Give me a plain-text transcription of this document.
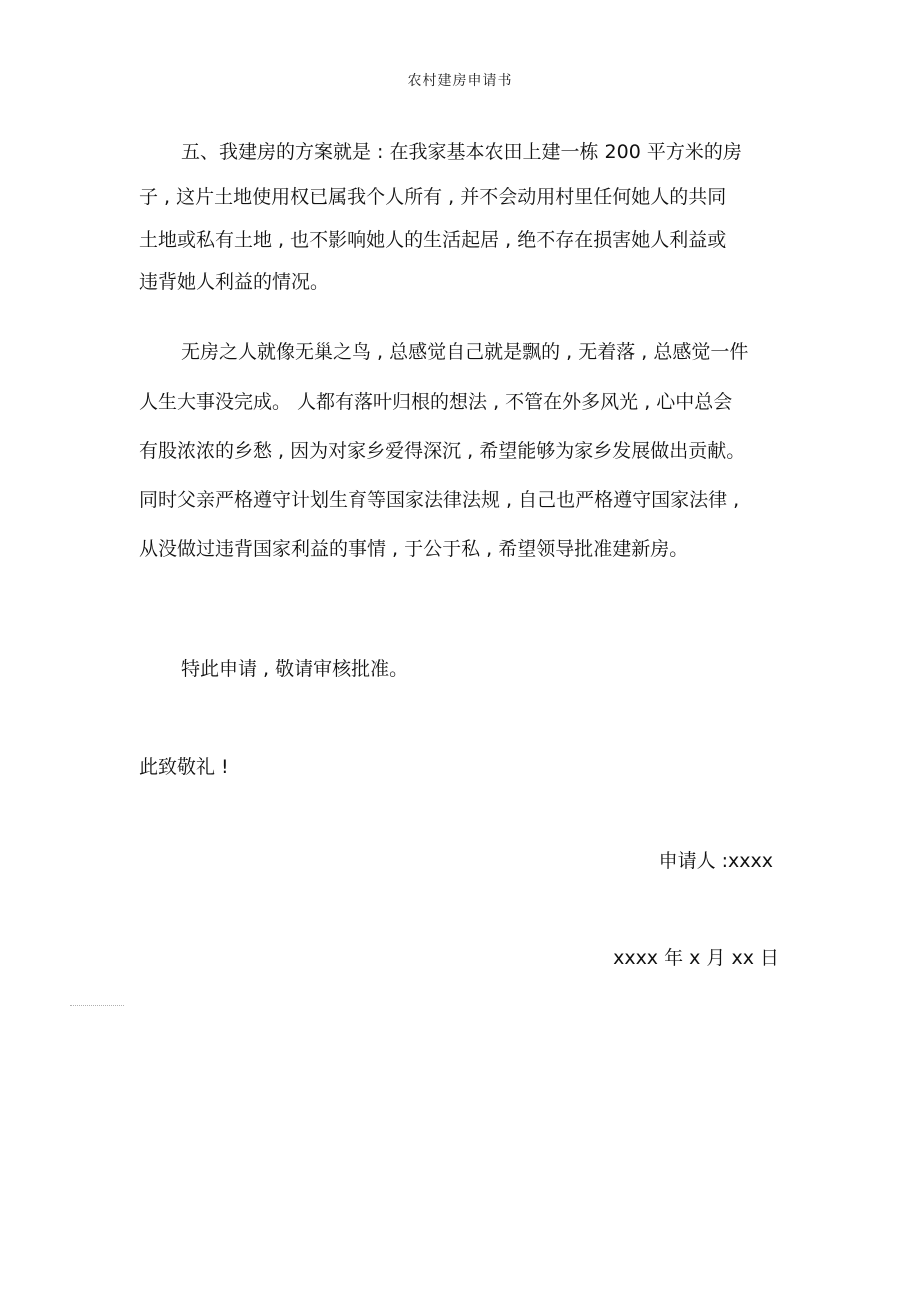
农村建房申请书
五、我建房的方案就是 : 在我家基本农田上建一栋 200 平方米的房
子 , 这片土地使用权已属我个人所有 , 并不会动用村里任何她人的共同
土地或私有土地 , 也不影响她人的生活起居 , 绝不存在损害她人利益或
违背她人利益的情况。
无房之人就像无巢之鸟 , 总感觉自己就是飘的 , 无着落 , 总感觉一件
人生大事没完成。 人都有落叶归根的想法 , 不管在外多风光 , 心中总会
有股浓浓的乡愁 , 因为对家乡爱得深沉 , 希望能够为家乡发展做出贡献。
同时父亲严格遵守计划生育等国家法律法规 , 自己也严格遵守国家法律 ,
从没做过违背国家利益的事情 , 于公于私 , 希望领导批准建新房。
特此申请 , 敬请审核批准。
此致敬礼 !
申请人 :xxxx
xxxx 年 x 月 xx 日
